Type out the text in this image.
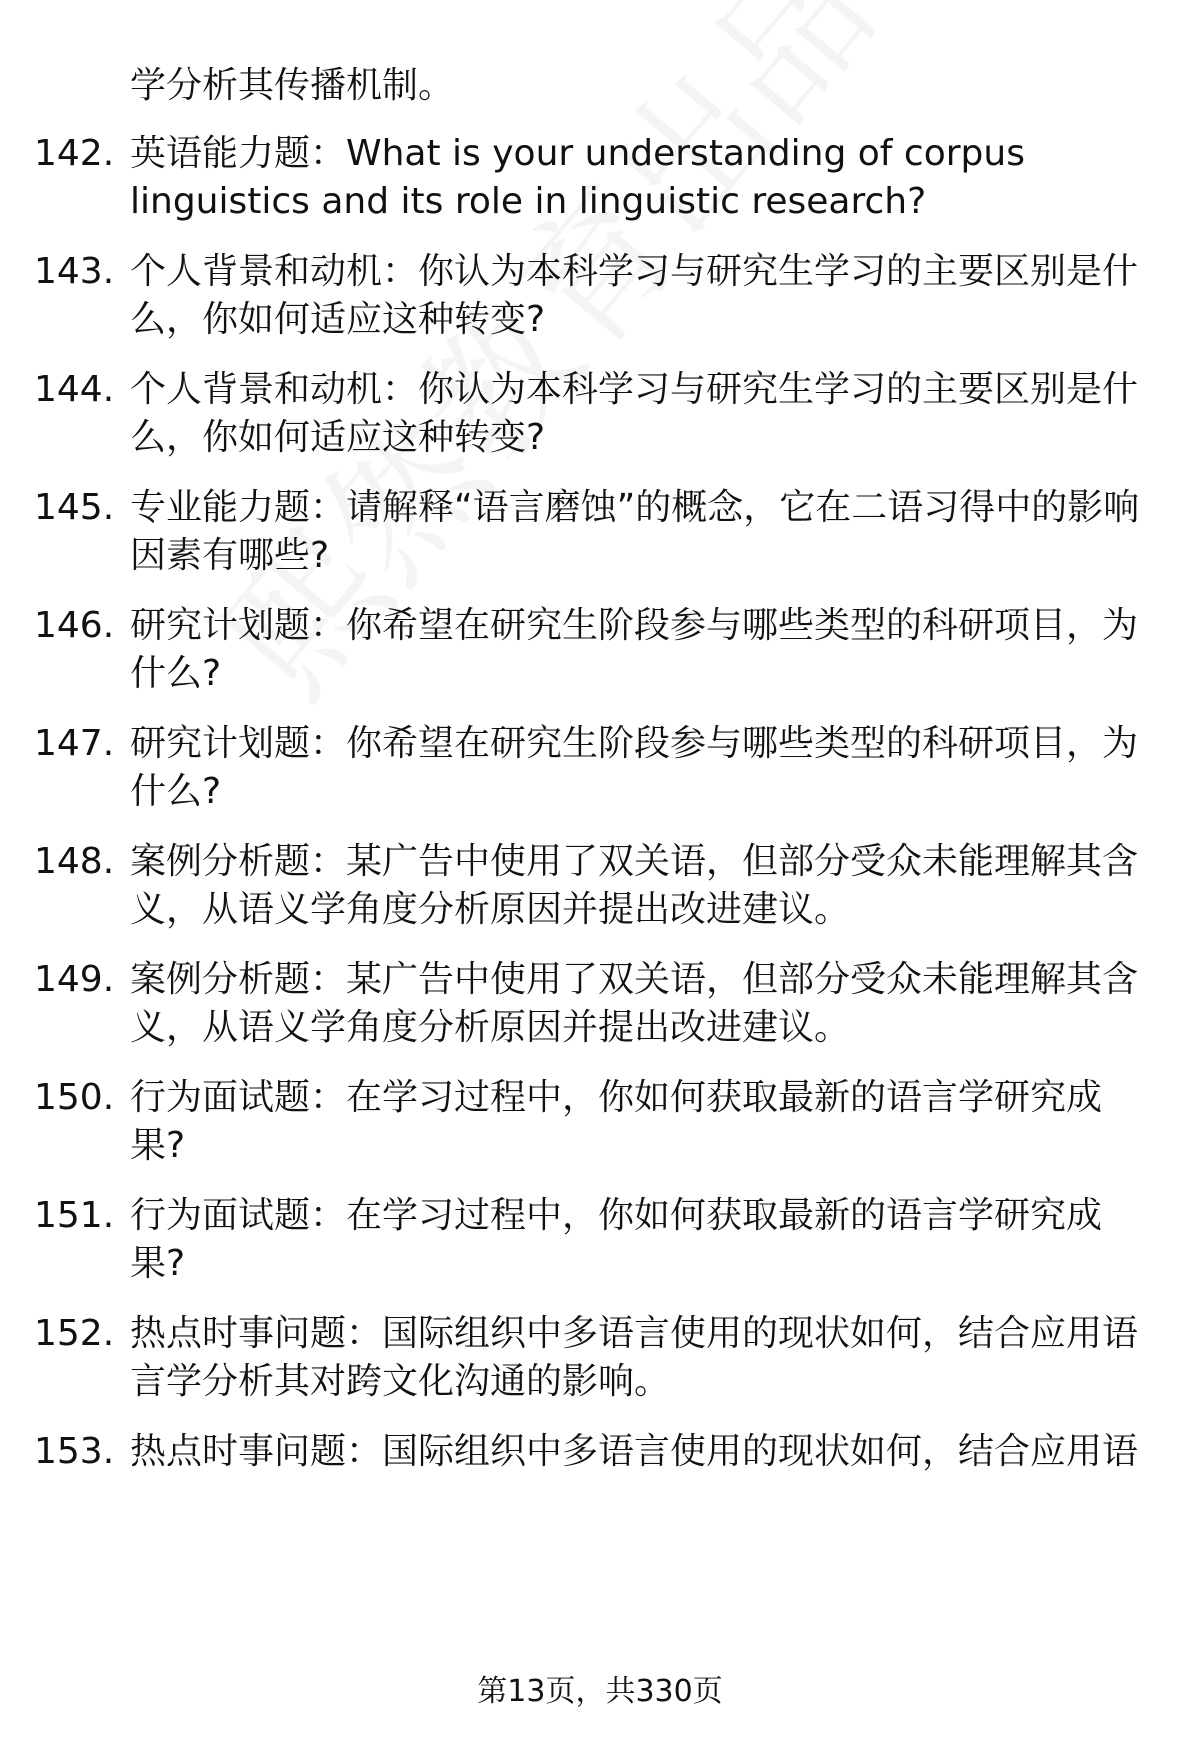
学分析其传播机制。
142. 英语能力题：What is your understanding of corpus linguistics and its role in linguistic research?
143. 个人背景和动机：你认为本科学习与研究生学习的主要区别是什么，你如何适应这种转变?
144. 个人背景和动机：你认为本科学习与研究生学习的主要区别是什么，你如何适应这种转变?
145. 专业能力题：请解释“语言磨蚀”的概念，它在二语习得中的影响因素有哪些?
146. 研究计划题：你希望在研究生阶段参与哪些类型的科研项目，为什么?
147. 研究计划题：你希望在研究生阶段参与哪些类型的科研项目，为什么?
148. 案例分析题：某广告中使用了双关语，但部分受众未能理解其含义，从语义学角度分析原因并提出改进建议。
149. 案例分析题：某广告中使用了双关语，但部分受众未能理解其含义，从语义学角度分析原因并提出改进建议。
150. 行为面试题：在学习过程中，你如何获取最新的语言学研究成果?
151. 行为面试题：在学习过程中，你如何获取最新的语言学研究成果?
152. 热点时事问题：国际组织中多语言使用的现状如何，结合应用语言学分析其对跨文化沟通的影响。
153. 热点时事问题：国际组织中多语言使用的现状如何，结合应用语
第13页，共330页
